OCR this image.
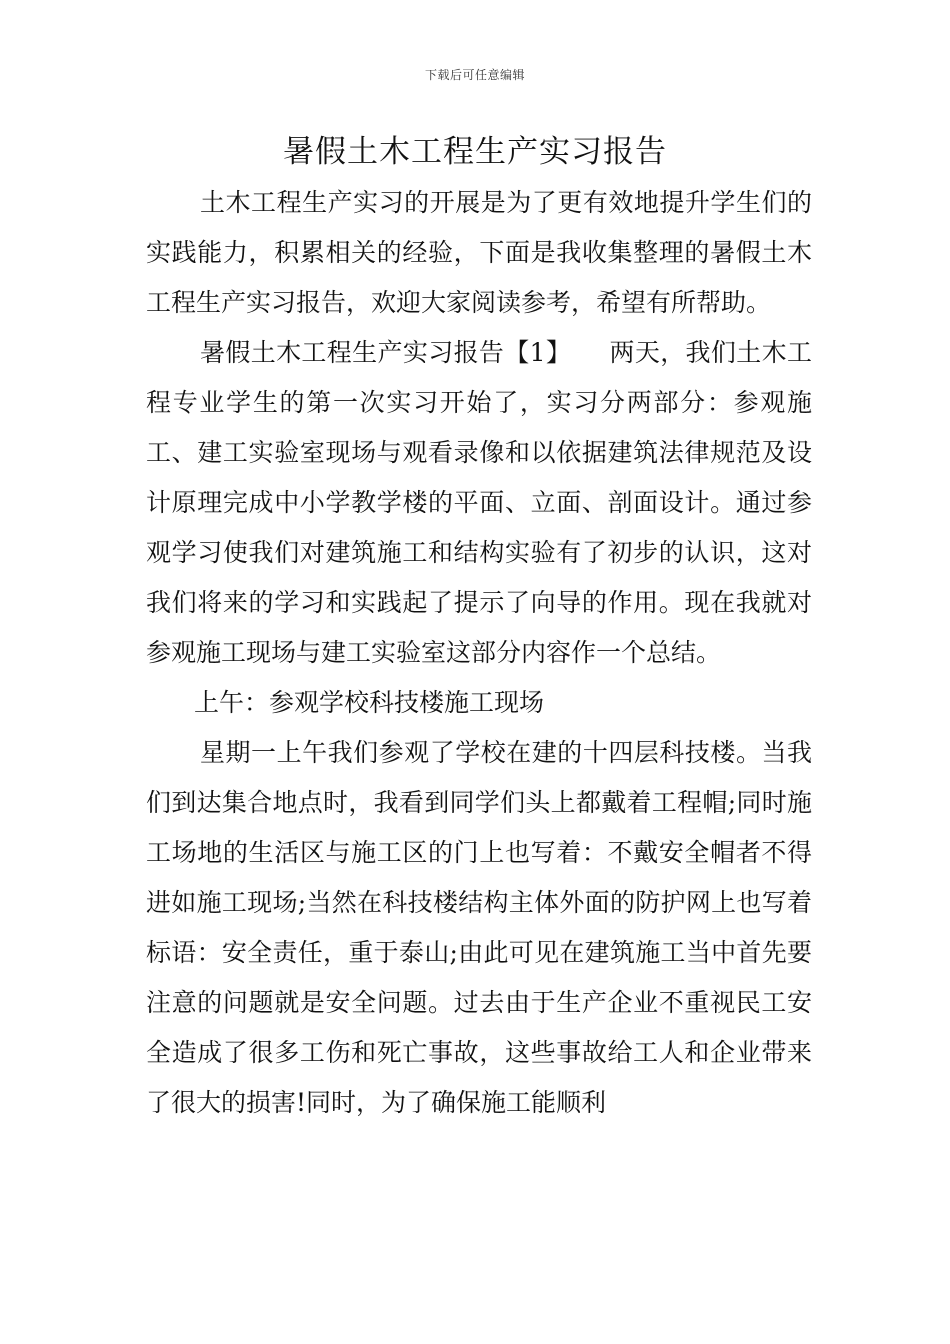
下载后可任意编辑
暑假土木工程生产实习报告

土木工程生产实习的开展是为了更有效地提升学生们的实践能力，积累相关的经验，下面是我收集整理的暑假土木工程生产实习报告，欢迎大家阅读参考，希望有所帮助。

暑假土木工程生产实习报告【1】　　两天，我们土木工程专业学生的第一次实习开始了，实习分两部分：参观施工、建工实验室现场与观看录像和以依据建筑法律规范及设计原理完成中小学教学楼的平面、立面、剖面设计。通过参观学习使我们对建筑施工和结构实验有了初步的认识，这对我们将来的学习和实践起了提示了向导的作用。现在我就对参观施工现场与建工实验室这部分内容作一个总结。

上午：参观学校科技楼施工现场

星期一上午我们参观了学校在建的十四层科技楼。当我们到达集合地点时，我看到同学们头上都戴着工程帽;同时施工场地的生活区与施工区的门上也写着：不戴安全帽者不得进如施工现场;当然在科技楼结构主体外面的防护网上也写着标语：安全责任，重于泰山;由此可见在建筑施工当中首先要注意的问题就是安全问题。过去由于生产企业不重视民工安全造成了很多工伤和死亡事故，这些事故给工人和企业带来了很大的损害!同时，为了确保施工能顺利
